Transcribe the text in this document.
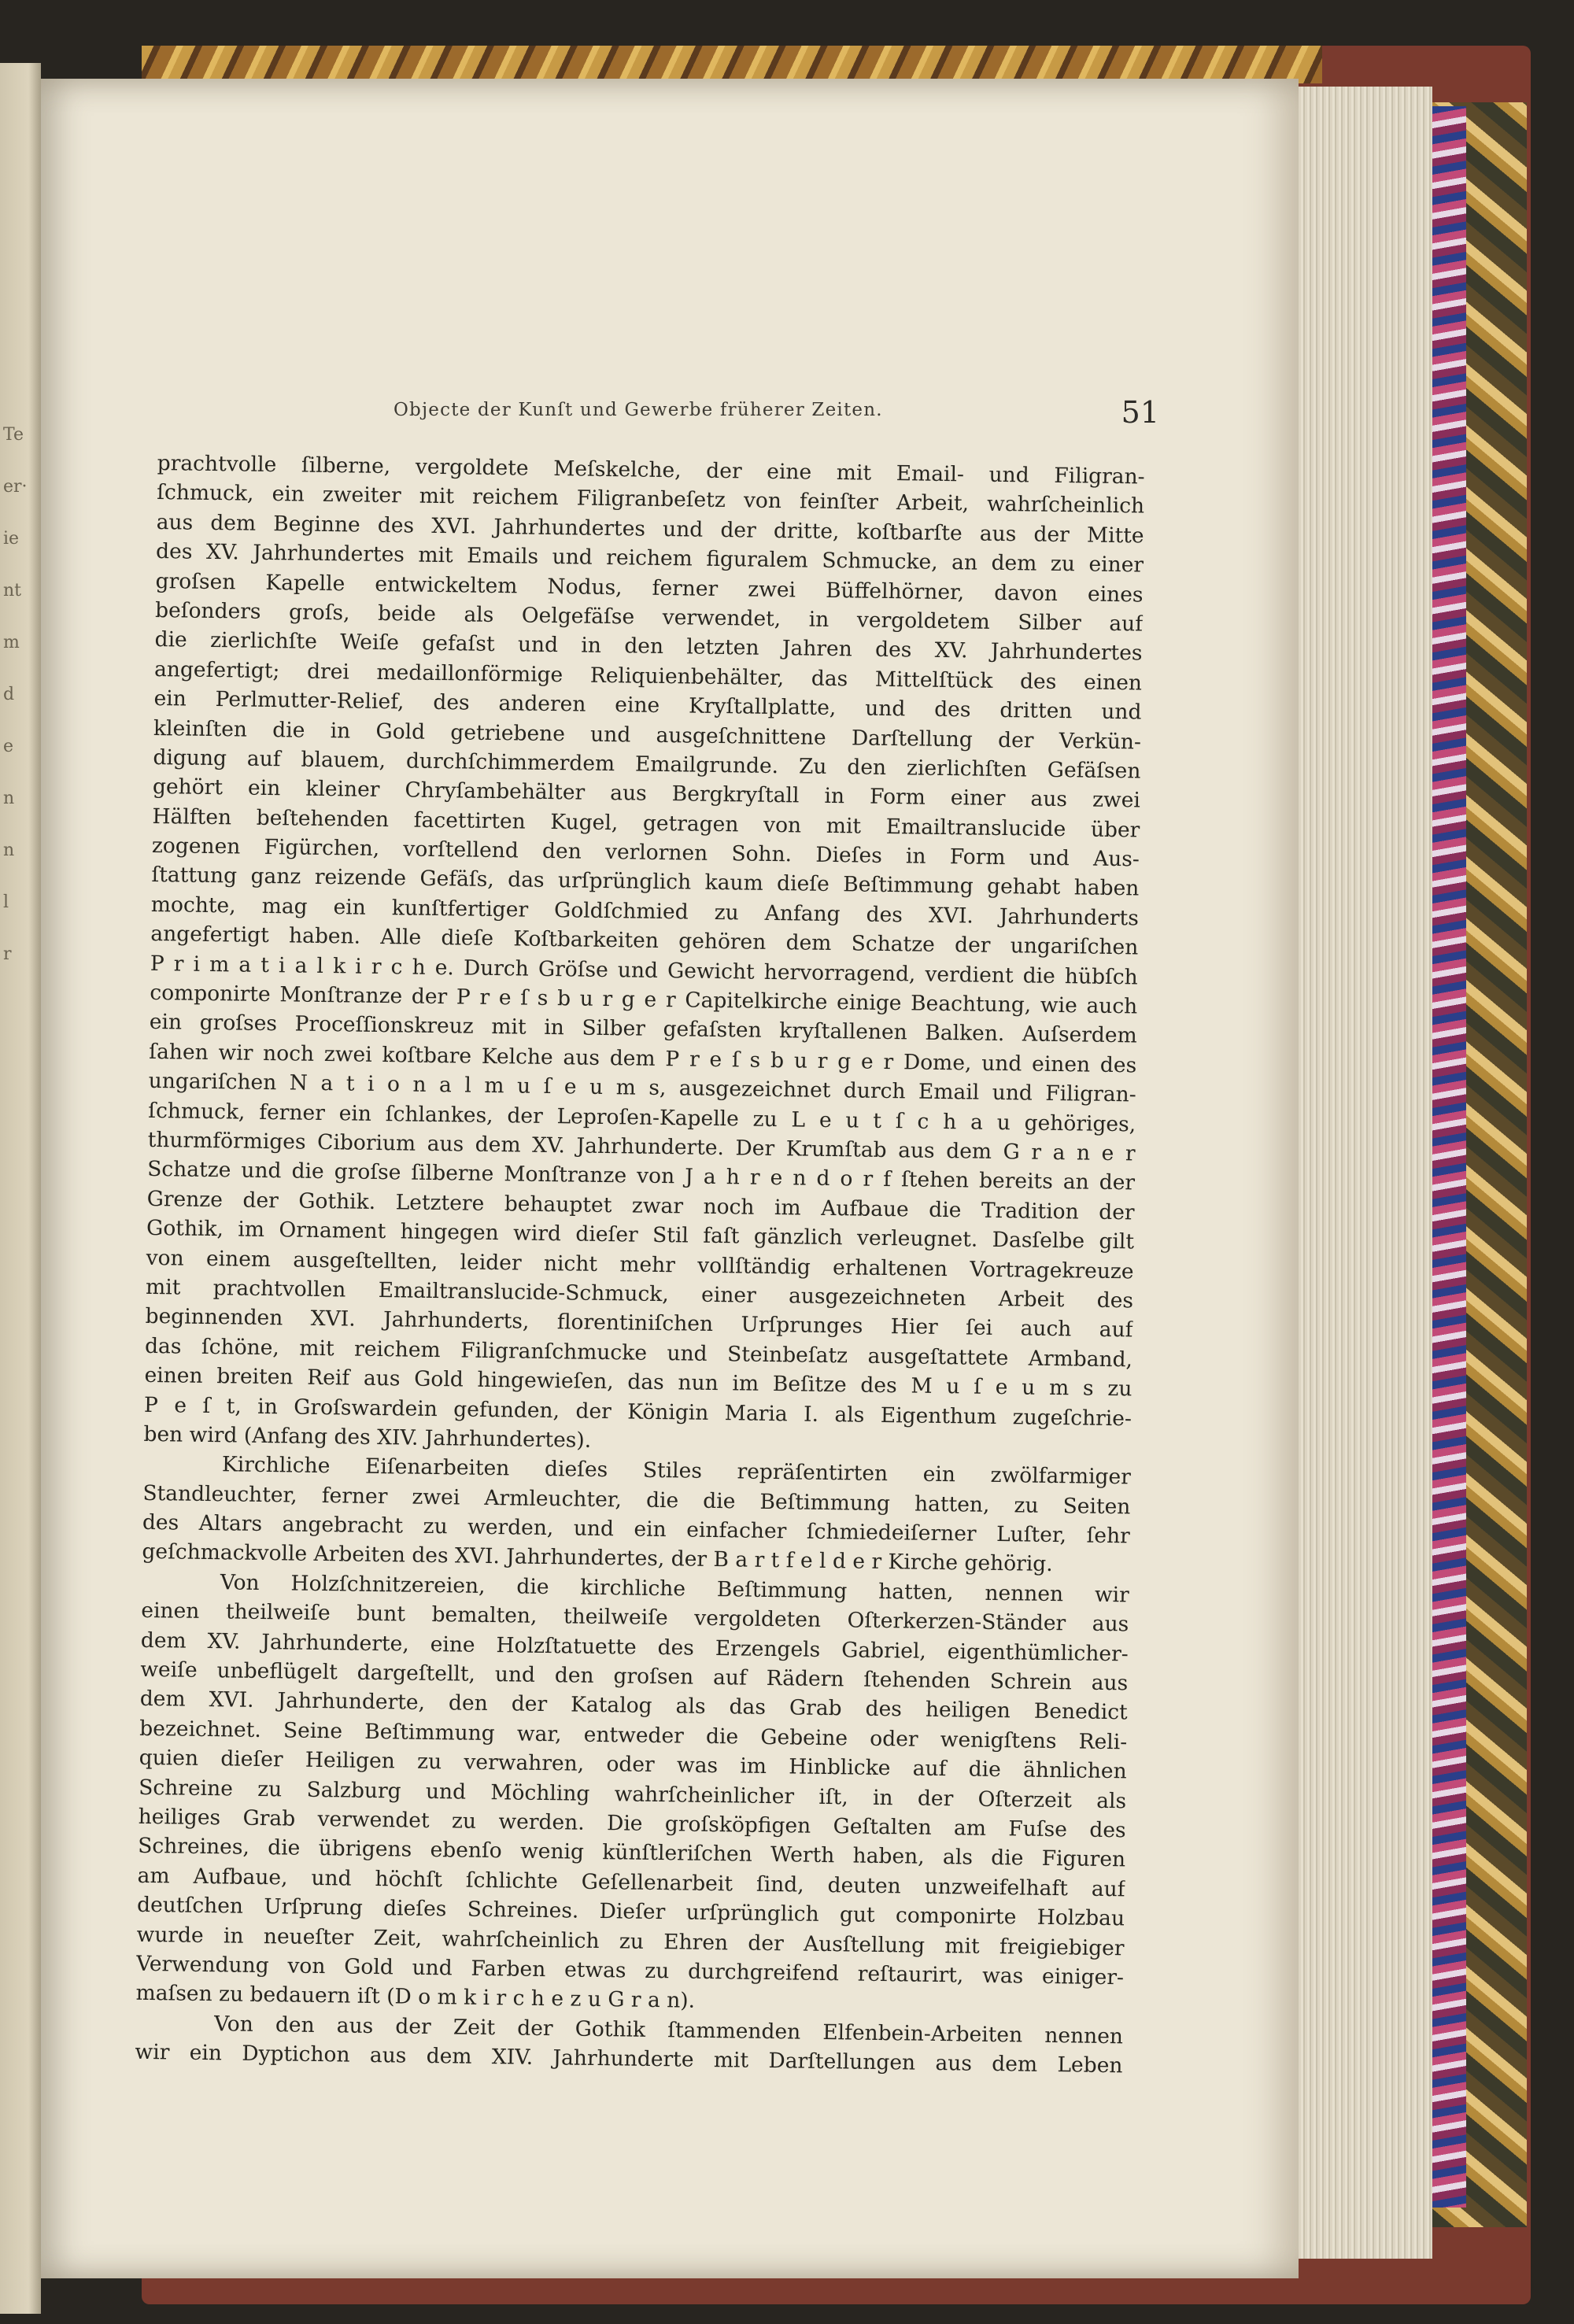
Te
er·
ie
nt
m
d
e
n
n
l
r
Objecte der Kunſt und Gewerbe früherer Zeiten.	51
prachtvolle ſilberne, vergoldete Meſskelche, der eine mit Email- und Filigran-
ſchmuck, ein zweiter mit reichem Filigranbeſetz von feinſter Arbeit, wahrſcheinlich
aus dem Beginne des XVI. Jahrhundertes und der dritte, koſtbarſte aus der Mitte
des XV. Jahrhundertes mit Emails und reichem figuralem Schmucke, an dem zu einer
groſsen Kapelle entwickeltem Nodus, ferner zwei Büffelhörner, davon eines
beſonders groſs, beide als Oelgefäſse verwendet, in vergoldetem Silber auf
die zierlichſte Weiſe gefaſst und in den letzten Jahren des XV. Jahrhundertes
angefertigt; drei medaillonförmige Reliquienbehälter, das Mittelſtück des einen
ein Perlmutter-Relief, des anderen eine Kryſtallplatte, und des dritten und
kleinſten die in Gold getriebene und ausgeſchnittene Darſtellung der Verkün-
digung auf blauem, durchſchimmerdem Emailgrunde. Zu den zierlichſten Gefäſsen
gehört ein kleiner Chryſambehälter aus Bergkryſtall in Form einer aus zwei
Hälften beſtehenden facettirten Kugel, getragen von mit Emailtranslucide über
zogenen Figürchen, vorſtellend den verlornen Sohn. Dieſes in Form und Aus-
ſtattung ganz reizende Gefäſs, das urſprünglich kaum dieſe Beſtimmung gehabt haben
mochte, mag ein kunſtfertiger Goldſchmied zu Anfang des XVI. Jahrhunderts
angefertigt haben. Alle dieſe Koſtbarkeiten gehören dem Schatze der ungariſchen
P r i m a t i a l k i r c h e. Durch Gröſse und Gewicht hervorragend, verdient die hübſch
componirte Monſtranze der P r e ſ s b u r g e r Capitelkirche einige Beachtung, wie auch
ein groſses Proceſſionskreuz mit in Silber gefaſsten kryſtallenen Balken. Auſserdem
ſahen wir noch zwei koſtbare Kelche aus dem P r e ſ s b u r g e r Dome, und einen des
ungariſchen N a t i o n a l m u ſ e u m s, ausgezeichnet durch Email und Filigran-
ſchmuck, ferner ein ſchlankes, der Leproſen-Kapelle zu L e u t ſ c h a u gehöriges,
thurmförmiges Ciborium aus dem XV. Jahrhunderte. Der Krumſtab aus dem G r a n e r
Schatze und die groſse ſilberne Monſtranze von J a h r e n d o r f ſtehen bereits an der
Grenze der Gothik. Letztere behauptet zwar noch im Aufbaue die Tradition der
Gothik, im Ornament hingegen wird dieſer Stil faſt gänzlich verleugnet. Dasſelbe gilt
von einem ausgeſtellten, leider nicht mehr vollſtändig erhaltenen Vortragekreuze
mit prachtvollen Emailtranslucide-Schmuck, einer ausgezeichneten Arbeit des
beginnenden XVI. Jahrhunderts, florentiniſchen Urſprunges Hier ſei auch auf
das ſchöne, mit reichem Filigranſchmucke und Steinbeſatz ausgeſtattete Armband,
einen breiten Reif aus Gold hingewieſen, das nun im Beſitze des M u ſ e u m s zu
P e ſ t, in Groſswardein gefunden, der Königin Maria I. als Eigenthum zugeſchrie-
ben wird (Anfang des XIV. Jahrhundertes).
Kirchliche Eiſenarbeiten dieſes Stiles repräſentirten ein zwölfarmiger
Standleuchter, ferner zwei Armleuchter, die die Beſtimmung hatten, zu Seiten
des Altars angebracht zu werden, und ein einfacher ſchmiedeiſerner Luſter, ſehr
geſchmackvolle Arbeiten des XVI. Jahrhundertes, der B a r t f e l d e r Kirche gehörig.
Von Holzſchnitzereien, die kirchliche Beſtimmung hatten, nennen wir
einen theilweiſe bunt bemalten, theilweiſe vergoldeten Oſterkerzen-Ständer aus
dem XV. Jahrhunderte, eine Holzſtatuette des Erzengels Gabriel, eigenthümlicher-
weiſe unbeflügelt dargeſtellt, und den groſsen auf Rädern ſtehenden Schrein aus
dem XVI. Jahrhunderte, den der Katalog als das Grab des heiligen Benedict
bezeichnet. Seine Beſtimmung war, entweder die Gebeine oder wenigſtens Reli-
quien dieſer Heiligen zu verwahren, oder was im Hinblicke auf die ähnlichen
Schreine zu Salzburg und Möchling wahrſcheinlicher iſt, in der Oſterzeit als
heiliges Grab verwendet zu werden. Die groſsköpfigen Geſtalten am Fuſse des
Schreines, die übrigens ebenſo wenig künſtleriſchen Werth haben, als die Figuren
am Aufbaue, und höchſt ſchlichte Geſellenarbeit ſind, deuten unzweifelhaft auf
deutſchen Urſprung dieſes Schreines. Dieſer urſprünglich gut componirte Holzbau
wurde in neueſter Zeit, wahrſcheinlich zu Ehren der Ausſtellung mit freigiebiger
Verwendung von Gold und Farben etwas zu durchgreifend reſtaurirt, was einiger-
maſsen zu bedauern iſt (D o m k i r c h e z u G r a n).
Von den aus der Zeit der Gothik ſtammenden Elfenbein-Arbeiten nennen
wir ein Dyptichon aus dem XIV. Jahrhunderte mit Darſtellungen aus dem Leben
